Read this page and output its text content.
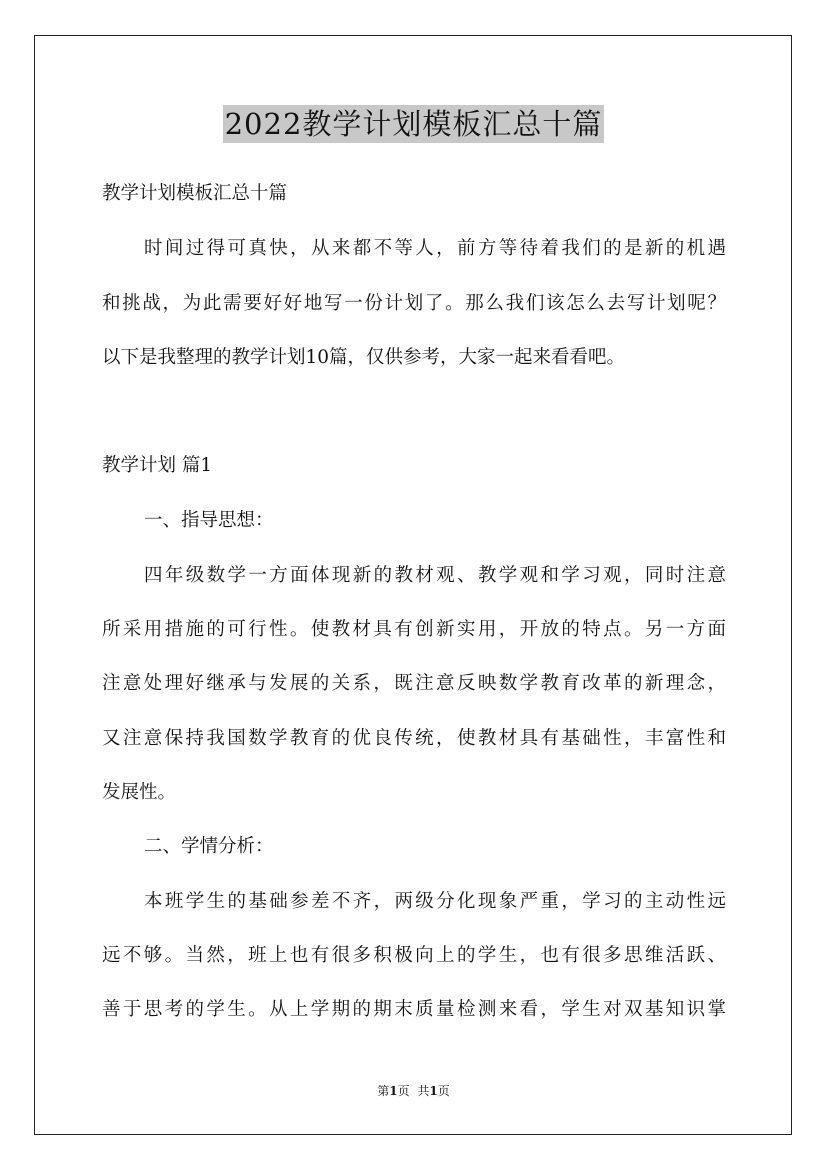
2022教学计划模板汇总十篇

教学计划模板汇总十篇

时间过得可真快，从来都不等人，前方等待着我们的是新的机遇

和挑战，为此需要好好地写一份计划了。那么我们该怎么去写计划呢？

以下是我整理的教学计划10篇，仅供参考，大家一起来看看吧。

教学计划 篇1

一、指导思想：

四年级数学一方面体现新的教材观、教学观和学习观，同时注意

所采用措施的可行性。使教材具有创新实用，开放的特点。另一方面

注意处理好继承与发展的关系，既注意反映数学教育改革的新理念，

又注意保持我国数学教育的优良传统，使教材具有基础性，丰富性和

发展性。

二、学情分析：

本班学生的基础参差不齐，两级分化现象严重，学习的主动性远

远不够。当然，班上也有很多积极向上的学生，也有很多思维活跃、

善于思考的学生。从上学期的期末质量检测来看，学生对双基知识掌

第1页 共1页
